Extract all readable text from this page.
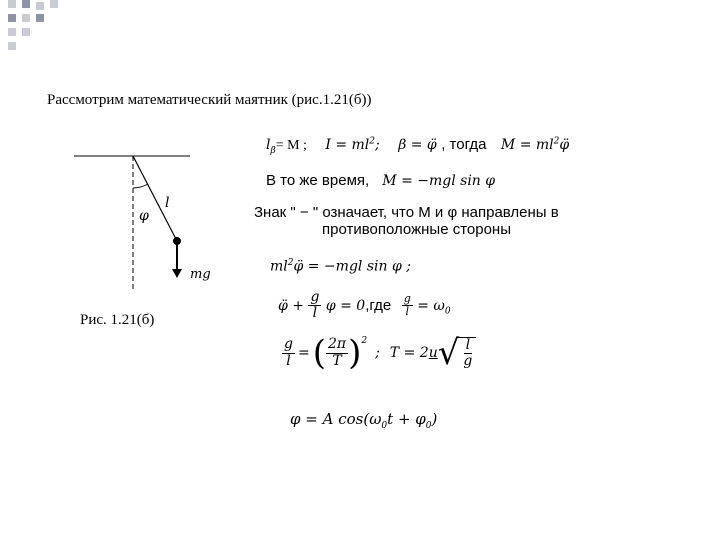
Рассмотрим математический маятник (рис.1.21(б))
l
φ
mg
Рис. 1.21(б)
$l_\beta= M$ ; $I = ml^2$; β = φ̈ , тогда $M = ml^2\varphï$
В то же время, M = −mgl sin φ
Знак " − " означает, что М и φ направлены в
противоположные стороны
$ml^2\varphï = -mgl$ sin φ ;
φ̈ + $\frac{g}{l}$ $\varphi = 0,где \frac{g}{l} = \omega_0$
$\frac{g}{l}$ = ( $\frac{2\pi}{T}$ ) 2
; T = 2 u √ $\frac{l}{g}$
φ = A $\cos(\omega_0t + \varphi_0)$
